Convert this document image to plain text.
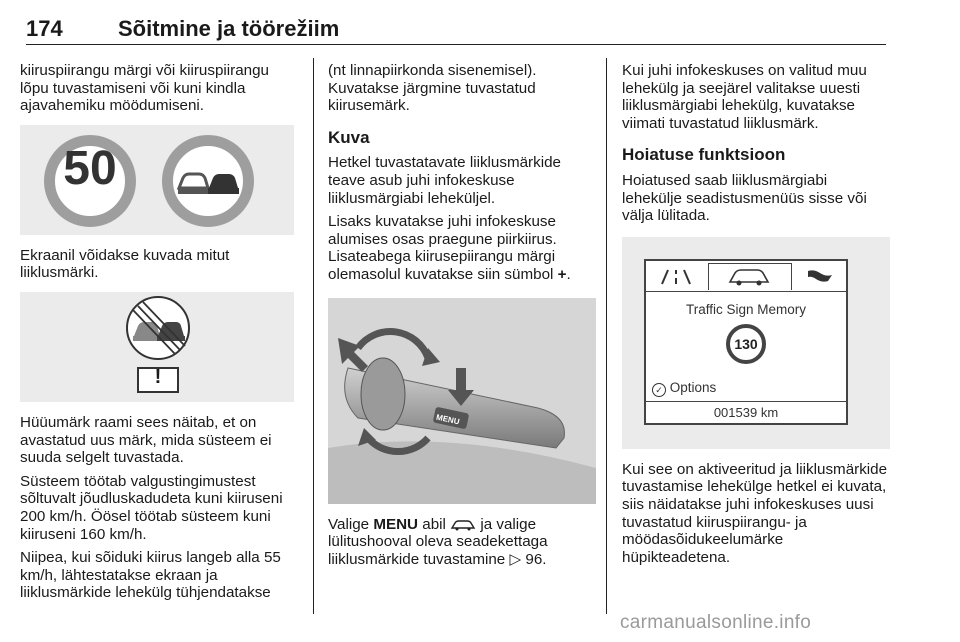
174	Sõitmine ja töörežiim

kiiruspiirangu märgi või kiiruspiirangu lõpu tuvastamiseni või kuni kindla ajavahemiku möödumiseni.

50

Ekraanil võidakse kuvada mitut liiklusmärki.

!

Hüüumärk raami sees näitab, et on avastatud uus märk, mida süsteem ei suuda selgelt tuvastada.

Süsteem töötab valgustingimustest sõltuvalt jõudluskadudeta kuni kiiruseni 200 km/h. Öösel töötab süsteem kuni kiiruseni 160 km/h.

Niipea, kui sõiduki kiirus langeb alla 55 km/h, lähtestatakse ekraan ja liiklusmärkide lehekülg tühjendatakse

(nt linnapiirkonda sisenemisel). Kuvatakse järgmine tuvastatud kiirusemärk.

Kuva

Hetkel tuvastatavate liiklusmärkide teave asub juhi infokeskuse liiklusmärgiabi leheküljel.

Lisaks kuvatakse juhi infokeskuse alumises osas praegune piirkiirus. Lisateabega kiirusepiirangu märgi olemasolul kuvatakse siin sümbol +.

MENU

Valige MENU abil  ja valige lülitushooval oleva seadekettaga liiklusmärkide tuvastamine ▷ 96.

Kui juhi infokeskuses on valitud muu lehekülg ja seejärel valitakse uuesti liiklusmärgiabi lehekülg, kuvatakse viimati tuvastatud liiklusmärk.

Hoiatuse funktsioon

Hoiatused saab liiklusmärgiabi lehekülje seadistusmenüüs sisse või välja lülitada.

Traffic Sign Memory
130
✓ Options
001539 km

Kui see on aktiveeritud ja liiklusmärkide tuvastamise lehekülge hetkel ei kuvata, siis näidatakse juhi infokeskuses uusi tuvastatud kiiruspiirangu- ja möödasõidukeelumärke hüpikteadetena.

carmanualsonline.info
